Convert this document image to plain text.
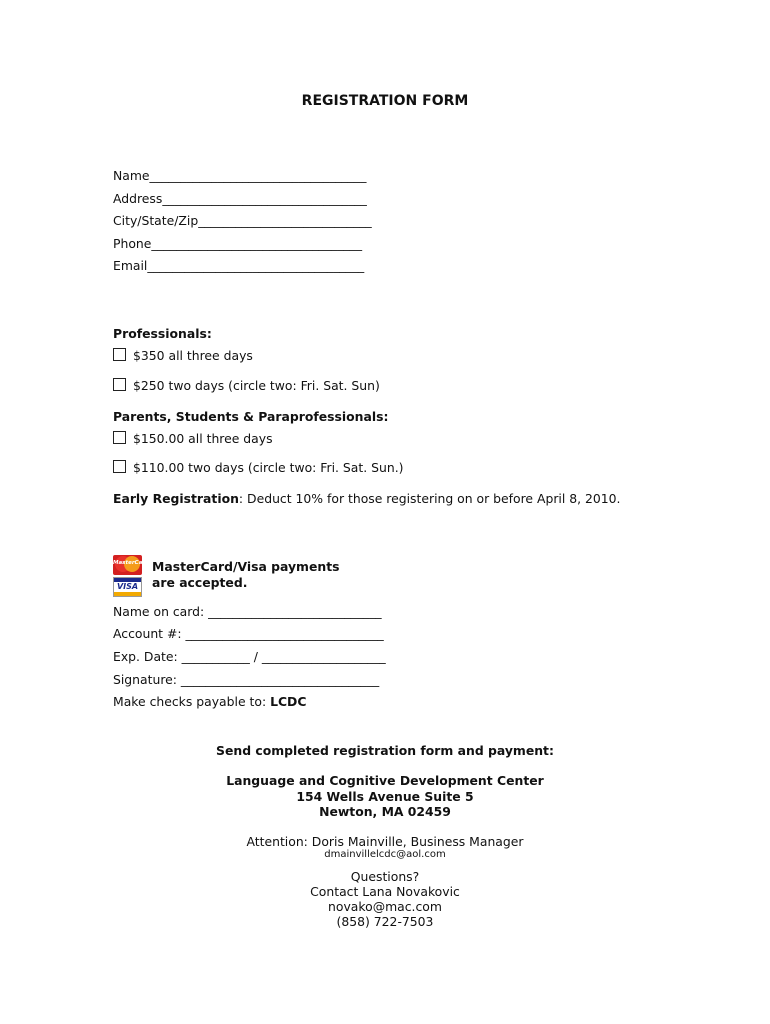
REGISTRATION FORM
Name___________________________________
Address_________________________________
City/State/Zip____________________________
Phone__________________________________
Email___________________________________
Professionals:
$350 all three days
$250 two days (circle two: Fri. Sat. Sun)
Parents, Students & Paraprofessionals:
$150.00 all three days
$110.00 two days (circle two: Fri. Sat. Sun.)
Early Registration: Deduct 10% for those registering on or before April 8, 2010.
MasterCard
VISA
MasterCard/Visa payments
are accepted.
Name on card: ____________________________
Account #: ________________________________
Exp. Date: ___________ / ____________________
Signature: ________________________________
Make checks payable to: LCDC
Send completed registration form and payment:
Language and Cognitive Development Center
154 Wells Avenue Suite 5
Newton, MA 02459
Attention: Doris Mainville, Business Manager
dmainvillelcdc@aol.com
Questions?
Contact Lana Novakovic
novako@mac.com
(858) 722-7503
